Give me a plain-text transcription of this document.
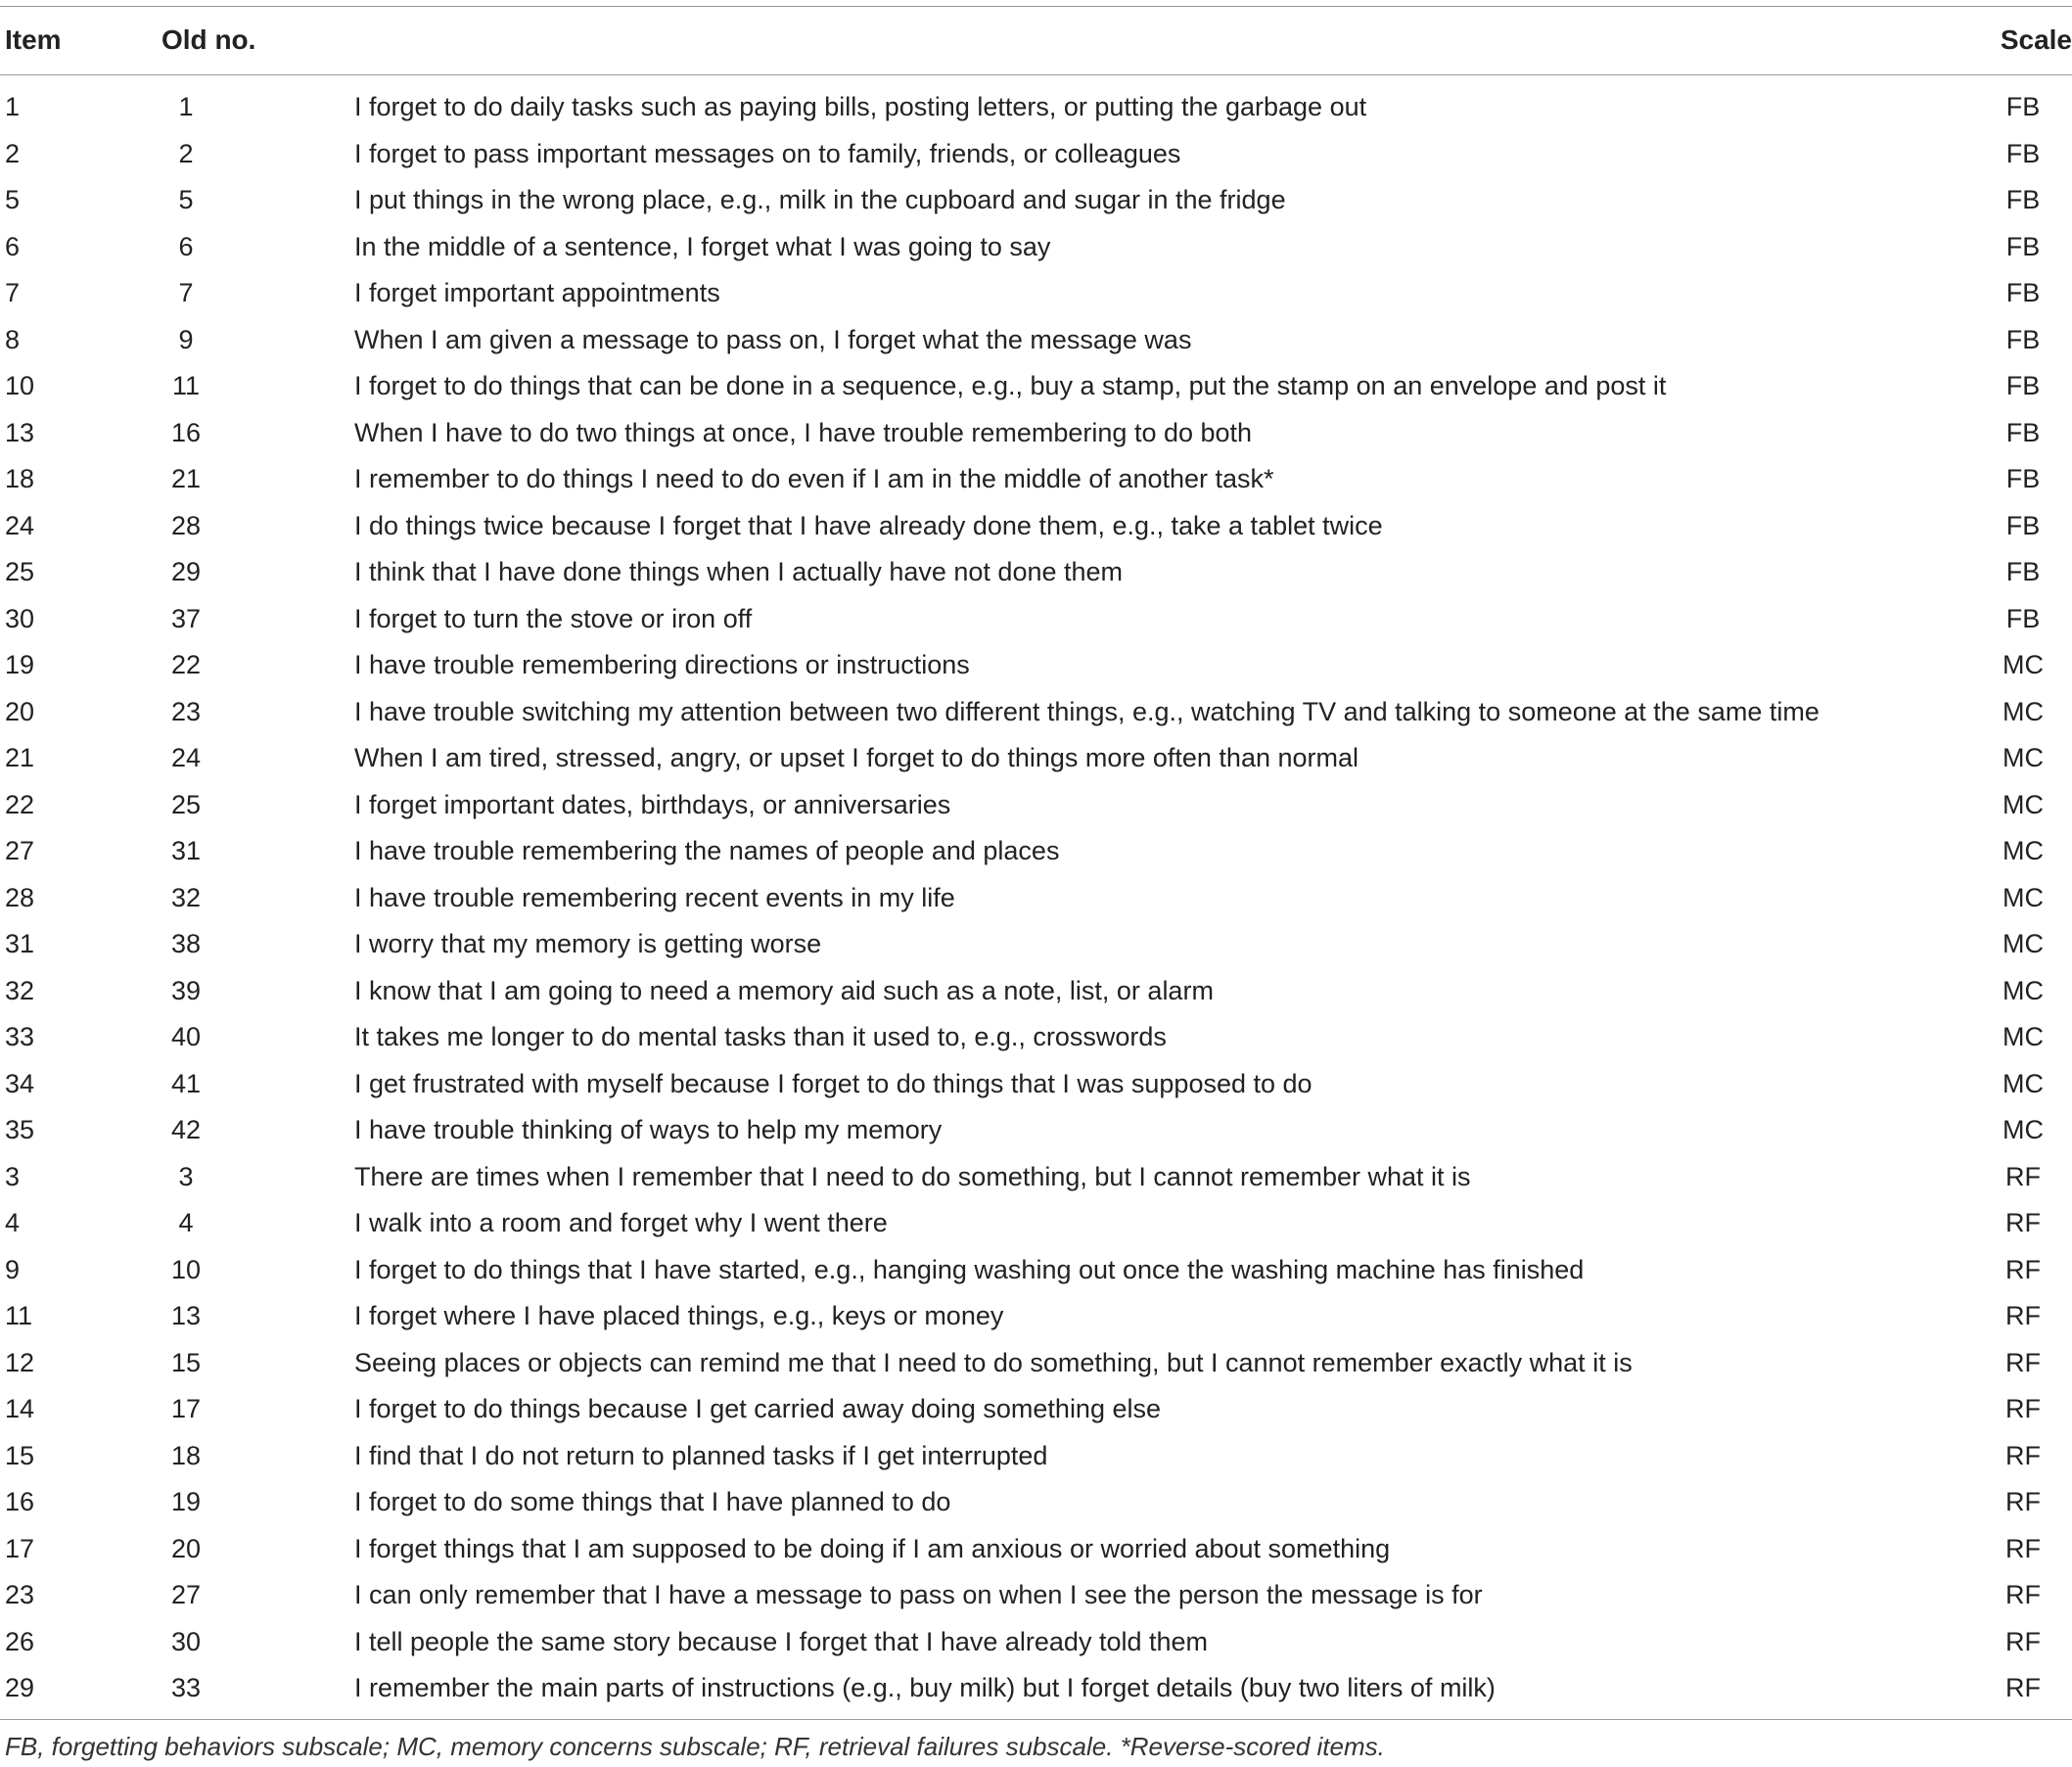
Item	Old no.	Scale
1	1	I forget to do daily tasks such as paying bills, posting letters, or putting the garbage out	FB
2	2	I forget to pass important messages on to family, friends, or colleagues	FB
5	5	I put things in the wrong place, e.g., milk in the cupboard and sugar in the fridge	FB
6	6	In the middle of a sentence, I forget what I was going to say	FB
7	7	I forget important appointments	FB
8	9	When I am given a message to pass on, I forget what the message was	FB
10	11	I forget to do things that can be done in a sequence, e.g., buy a stamp, put the stamp on an envelope and post it	FB
13	16	When I have to do two things at once, I have trouble remembering to do both	FB
18	21	I remember to do things I need to do even if I am in the middle of another task*	FB
24	28	I do things twice because I forget that I have already done them, e.g., take a tablet twice	FB
25	29	I think that I have done things when I actually have not done them	FB
30	37	I forget to turn the stove or iron off	FB
19	22	I have trouble remembering directions or instructions	MC
20	23	I have trouble switching my attention between two different things, e.g., watching TV and talking to someone at the same time	MC
21	24	When I am tired, stressed, angry, or upset I forget to do things more often than normal	MC
22	25	I forget important dates, birthdays, or anniversaries	MC
27	31	I have trouble remembering the names of people and places	MC
28	32	I have trouble remembering recent events in my life	MC
31	38	I worry that my memory is getting worse	MC
32	39	I know that I am going to need a memory aid such as a note, list, or alarm	MC
33	40	It takes me longer to do mental tasks than it used to, e.g., crosswords	MC
34	41	I get frustrated with myself because I forget to do things that I was supposed to do	MC
35	42	I have trouble thinking of ways to help my memory	MC
3	3	There are times when I remember that I need to do something, but I cannot remember what it is	RF
4	4	I walk into a room and forget why I went there	RF
9	10	I forget to do things that I have started, e.g., hanging washing out once the washing machine has finished	RF
11	13	I forget where I have placed things, e.g., keys or money	RF
12	15	Seeing places or objects can remind me that I need to do something, but I cannot remember exactly what it is	RF
14	17	I forget to do things because I get carried away doing something else	RF
15	18	I find that I do not return to planned tasks if I get interrupted	RF
16	19	I forget to do some things that I have planned to do	RF
17	20	I forget things that I am supposed to be doing if I am anxious or worried about something	RF
23	27	I can only remember that I have a message to pass on when I see the person the message is for	RF
26	30	I tell people the same story because I forget that I have already told them	RF
29	33	I remember the main parts of instructions (e.g., buy milk) but I forget details (buy two liters of milk)	RF
FB, forgetting behaviors subscale; MC, memory concerns subscale; RF, retrieval failures subscale. *Reverse-scored items.
